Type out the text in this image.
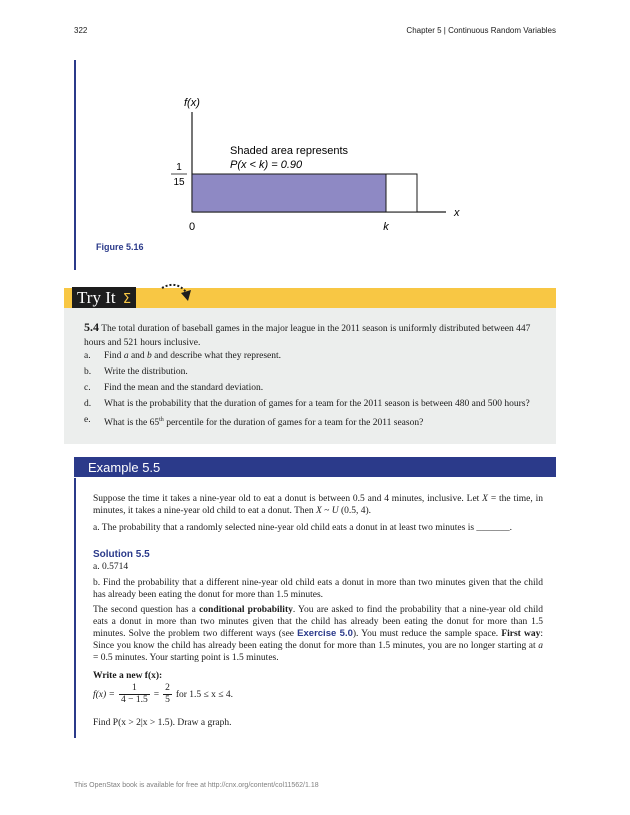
322	Chapter 5 | Continuous Random Variables
f(x)
Shaded area represents
P(x < k) = 0.90
1
15
0	k
x
Figure 5.16
Try It Σ

5.4 The total duration of baseball games in the major league in the 2011 season is uniformly distributed between 447 hours and 521 hours inclusive.

a.	Find a and b and describe what they represent.
b.	Write the distribution.
c.	Find the mean and the standard deviation.
d.	What is the probability that the duration of games for a team for the 2011 season is between 480 and 500 hours?
e.	What is the 65th percentile for the duration of games for a team for the 2011 season?
Example 5.5

Suppose the time it takes a nine-year old to eat a donut is between 0.5 and 4 minutes, inclusive. Let X = the time, in minutes, it takes a nine-year old child to eat a donut. Then X ~ U (0.5, 4).

a. The probability that a randomly selected nine-year old child eats a donut in at least two minutes is _______.

Solution 5.5

a. 0.5714

b. Find the probability that a different nine-year old child eats a donut in more than two minutes given that the child has already been eating the donut for more than 1.5 minutes.

The second question has a conditional probability. You are asked to find the probability that a nine-year old child eats a donut in more than two minutes given that the child has already been eating the donut for more than 1.5 minutes. Solve the problem two different ways (see Exercise 5.0). You must reduce the sample space. First way: Since you know the child has already been eating the donut for more than 1.5 minutes, you are no longer starting at a = 0.5 minutes. Your starting point is 1.5 minutes.

Write a new f(x):

$f(x) = \frac{1}{4 - 1.5} = \frac{2}{5}$ for 1.5 ≤ x ≤ 4.

Find P(x > 2|x > 1.5). Draw a graph.

This OpenStax book is available for free at http://cnx.org/content/col11562/1.18
